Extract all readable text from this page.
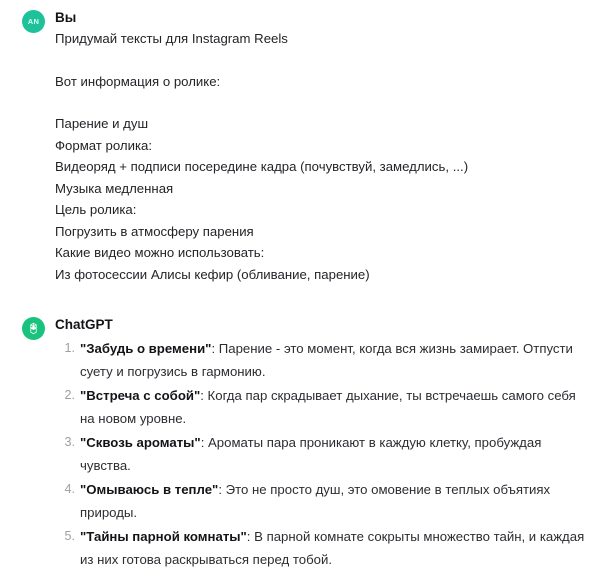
AN Вы

Придумай тексты для Instagram Reels

Вот информация о ролике:

Парение и душ

Формат ролика:

Видеоряд + подписи посередине кадра (почувствуй, замедлись, ...)

Музыка медленная

Цель ролика:

Погрузить в атмосферу парения

Какие видео можно использовать:

Из фотосессии Алисы кефир (обливание, парение)

ChatGPT
"Забудь о времени": Парение - это момент, когда вся жизнь замирает. Отпусти суету и погрузись в гармонию.
"Встреча с собой": Когда пар скрадывает дыхание, ты встречаешь самого себя на новом уровне.
"Сквозь ароматы": Ароматы пара проникают в каждую клетку, пробуждая чувства.
"Омываюсь в тепле": Это не просто душ, это омовение в теплых объятиях природы.
"Тайны парной комнаты": В парной комнате сокрыты множество тайн, и каждая из них готова раскрываться перед тобой.
